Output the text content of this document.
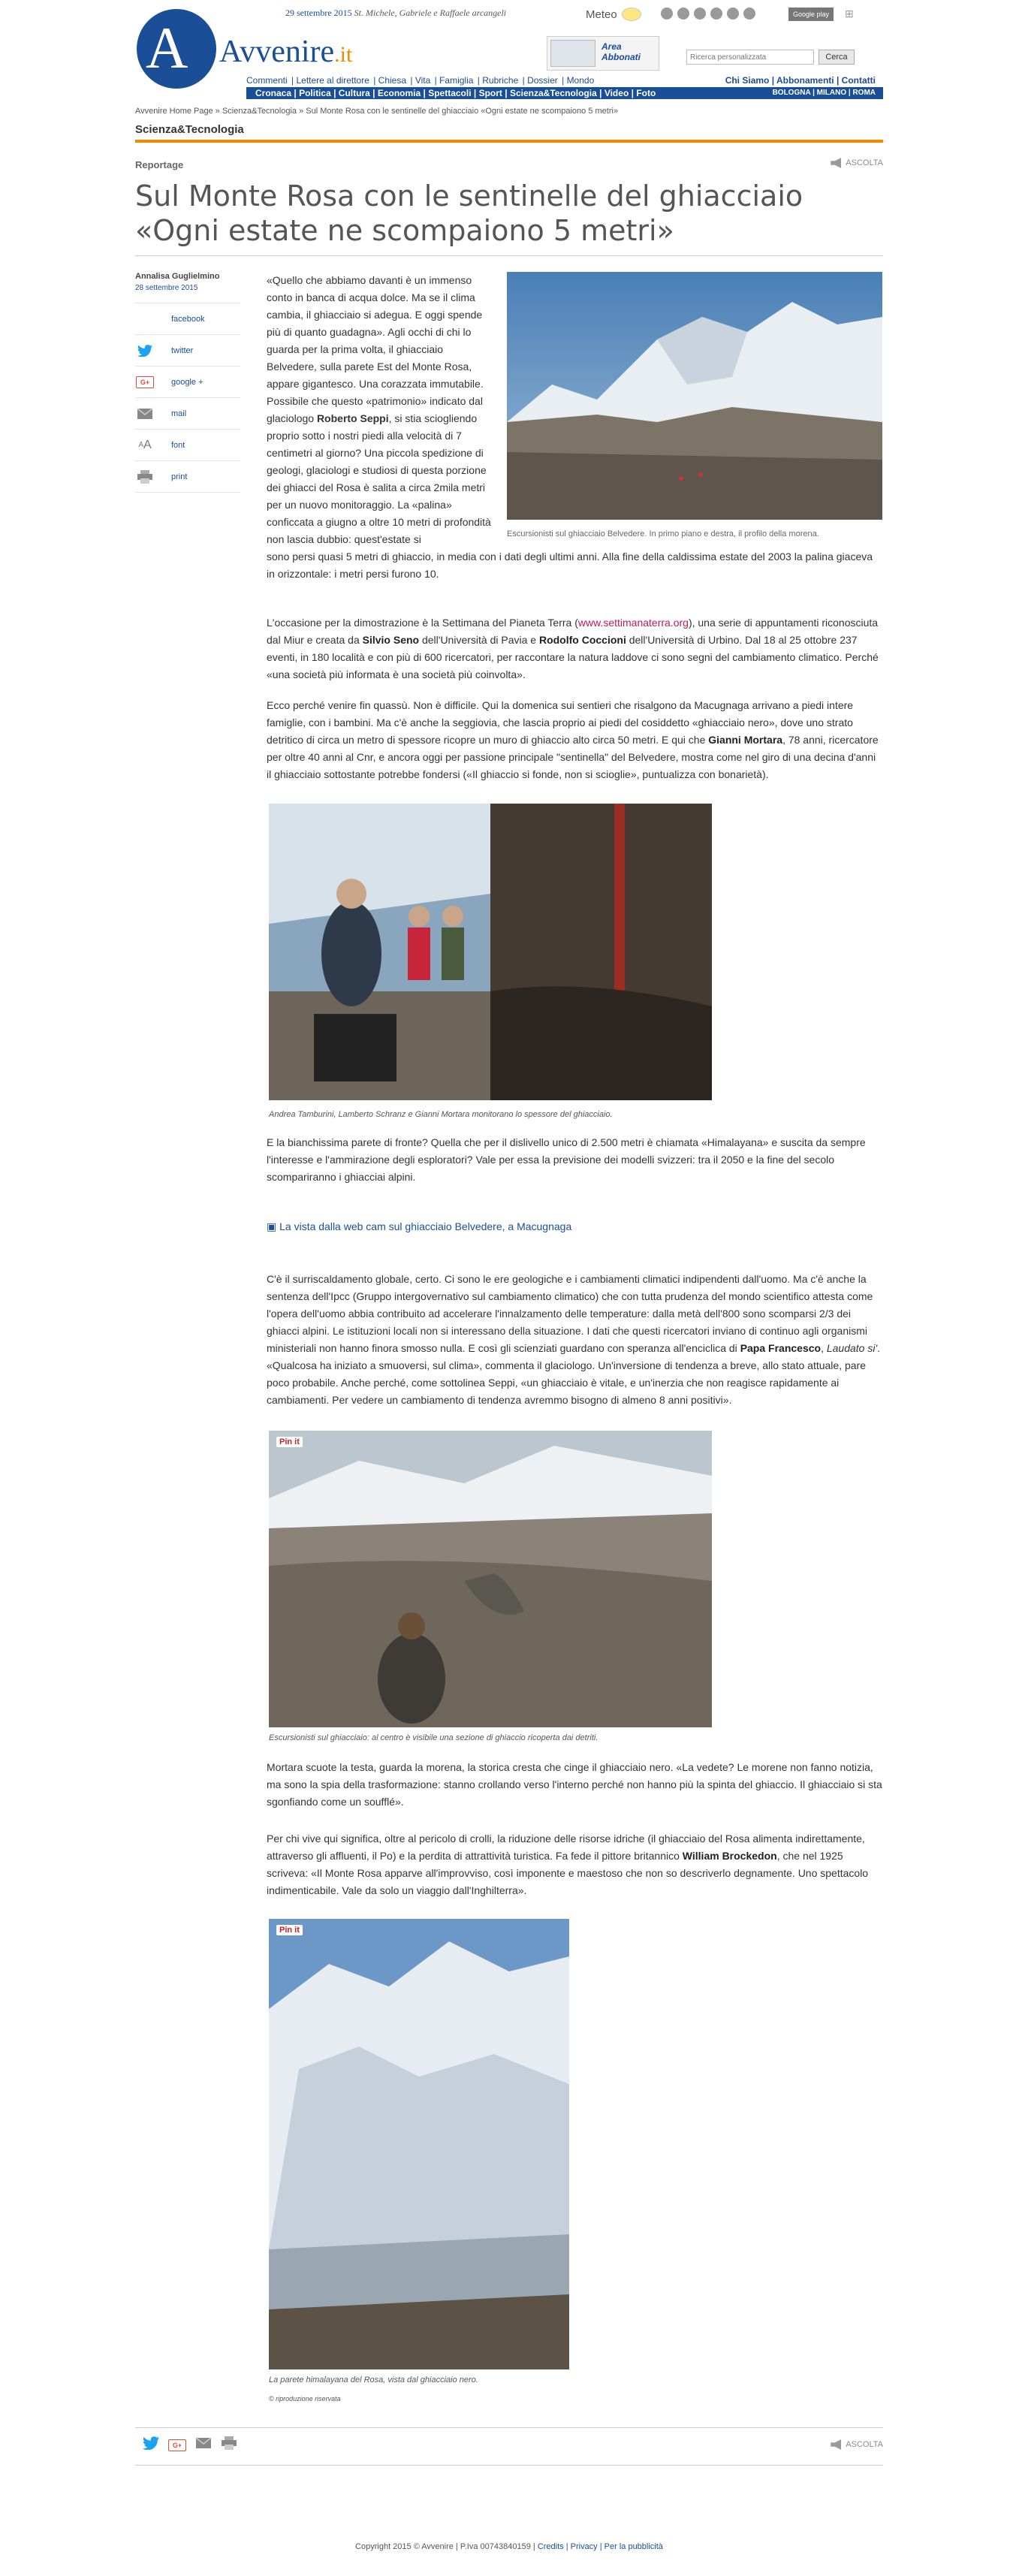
A Avvenire.it
29 settembre 2015 St. Michele, Gabriele e Raffaele arcangeli	Meteo	Google play	⊞
Area Abbonati
Ricerca personalizzata	Cerca
Commenti | Lettere al direttore | Chiesa | Vita | Famiglia | Rubriche | Dossier | Mondo	Chi Siamo | Abbonamenti | Contatti
Cronaca | Politica | Cultura | Economia | Spettacoli | Sport | Scienza&Tecnologia | Video | Foto	BOLOGNA | MILANO | ROMA
Avvenire Home Page » Scienza&Tecnologia » Sul Monte Rosa con le sentinelle del ghiacciaio «Ogni estate ne scompaiono 5 metri»
Scienza&Tecnologia
Reportage	ASCOLTA
Sul Monte Rosa con le sentinelle del ghiacciaio
«Ogni estate ne scompaiono 5 metri»
Annalisa Guglielmino
28 settembre 2015
facebook
twitter
G+	google +
mail
A A font
print
Escursionisti sul ghiacciaio Belvedere. In primo piano e destra, il profilo della morena.
«Quello che abbiamo davanti è un immenso conto in banca di acqua dolce. Ma se il clima cambia, il ghiacciaio si adegua. E oggi spende più di quanto guadagna». Agli occhi di chi lo guarda per la prima volta, il ghiacciaio Belvedere, sulla parete Est del Monte Rosa, appare gigantesco. Una corazzata immutabile. Possibile che questo «patrimonio» indicato dal glaciologo Roberto Seppi, si stia sciogliendo proprio sotto i nostri piedi alla velocità di 7 centimetri al giorno? Una piccola spedizione di geologi, glaciologi e studiosi di questa porzione dei ghiacci del Rosa è salita a circa 2mila metri per un nuovo monitoraggio. La «palina» conficcata a giugno a oltre 10 metri di profondità non lascia dubbio: quest'estate si
sono persi quasi 5 metri di ghiaccio, in media con i dati degli ultimi anni. Alla fine della caldissima estate del 2003 la palina giaceva in orizzontale: i metri persi furono 10.
L'occasione per la dimostrazione è la Settimana del Pianeta Terra (www.settimanaterra.org), una serie di appuntamenti riconosciuta dal Miur e creata da Silvio Seno dell'Università di Pavia e Rodolfo Coccioni dell'Università di Urbino. Dal 18 al 25 ottobre 237 eventi, in 180 località e con più di 600 ricercatori, per raccontare la natura laddove ci sono segni del cambiamento climatico. Perché «una società più informata è una società più coinvolta».
Ecco perché venire fin quassù. Non è difficile. Qui la domenica sui sentieri che risalgono da Macugnaga arrivano a piedi intere famiglie, con i bambini. Ma c'è anche la seggiovia, che lascia proprio ai piedi del cosiddetto «ghiacciaio nero», dove uno strato detritico di circa un metro di spessore ricopre un muro di ghiaccio alto circa 50 metri. E qui che Gianni Mortara, 78 anni, ricercatore per oltre 40 anni al Cnr, e ancora oggi per passione principale "sentinella" del Belvedere, mostra come nel giro di una decina d'anni il ghiacciaio sottostante potrebbe fondersi («Il ghiaccio si fonde, non si scioglie», puntualizza con bonarietà).
Andrea Tamburini, Lamberto Schranz e Gianni Mortara monitorano lo spessore del ghiacciaio.
E la bianchissima parete di fronte? Quella che per il dislivello unico di 2.500 metri è chiamata «Himalayana» e suscita da sempre l'interesse e l'ammirazione degli esploratori? Vale per essa la previsione dei modelli svizzeri: tra il 2050 e la fine del secolo scompariranno i ghiacciai alpini.
▣ La vista dalla web cam sul ghiacciaio Belvedere, a Macugnaga
C'è il surriscaldamento globale, certo. Ci sono le ere geologiche e i cambiamenti climatici indipendenti dall'uomo. Ma c'è anche la sentenza dell'Ipcc (Gruppo intergovernativo sul cambiamento climatico) che con tutta prudenza del mondo scientifico attesta come l'opera dell'uomo abbia contribuito ad accelerare l'innalzamento delle temperature: dalla metà dell'800 sono scomparsi 2/3 dei ghiacci alpini. Le istituzioni locali non si interessano della situazione. I dati che questi ricercatori inviano di continuo agli organismi ministeriali non hanno finora smosso nulla. E così gli scienziati guardano con speranza all'enciclica di Papa Francesco, Laudato si'. «Qualcosa ha iniziato a smuoversi, sul clima», commenta il glaciologo. Un'inversione di tendenza a breve, allo stato attuale, pare poco probabile. Anche perché, come sottolinea Seppi, «un ghiacciaio è vitale, e un'inerzia che non reagisce rapidamente ai cambiamenti. Per vedere un cambiamento di tendenza avremmo bisogno di almeno 8 anni positivi».
Pin it
Escursionisti sul ghiacciaio: al centro è visibile una sezione di ghiaccio ricoperta dai detriti.
Mortara scuote la testa, guarda la morena, la storica cresta che cinge il ghiacciaio nero. «La vedete? Le morene non fanno notizia, ma sono la spia della trasformazione: stanno crollando verso l'interno perché non hanno più la spinta del ghiaccio. Il ghiacciaio si sta sgonfiando come un soufflé».
Per chi vive qui significa, oltre al pericolo di crolli, la riduzione delle risorse idriche (il ghiacciaio del Rosa alimenta indirettamente, attraverso gli affluenti, il Po) e la perdita di attrattività turistica. Fa fede il pittore britannico William Brockedon, che nel 1925 scriveva: «Il Monte Rosa apparve all'improvviso, così imponente e maestoso che non so descriverlo degnamente. Uno spettacolo indimenticabile. Vale da solo un viaggio dall'Inghilterra».
Pin it
La parete himalayana del Rosa, vista dal ghiacciaio nero.
© riproduzione riservata
G+	ASCOLTA
Copyright 2015 © Avvenire | P.Iva 00743840159 | Credits | Privacy | Per la pubblicità
